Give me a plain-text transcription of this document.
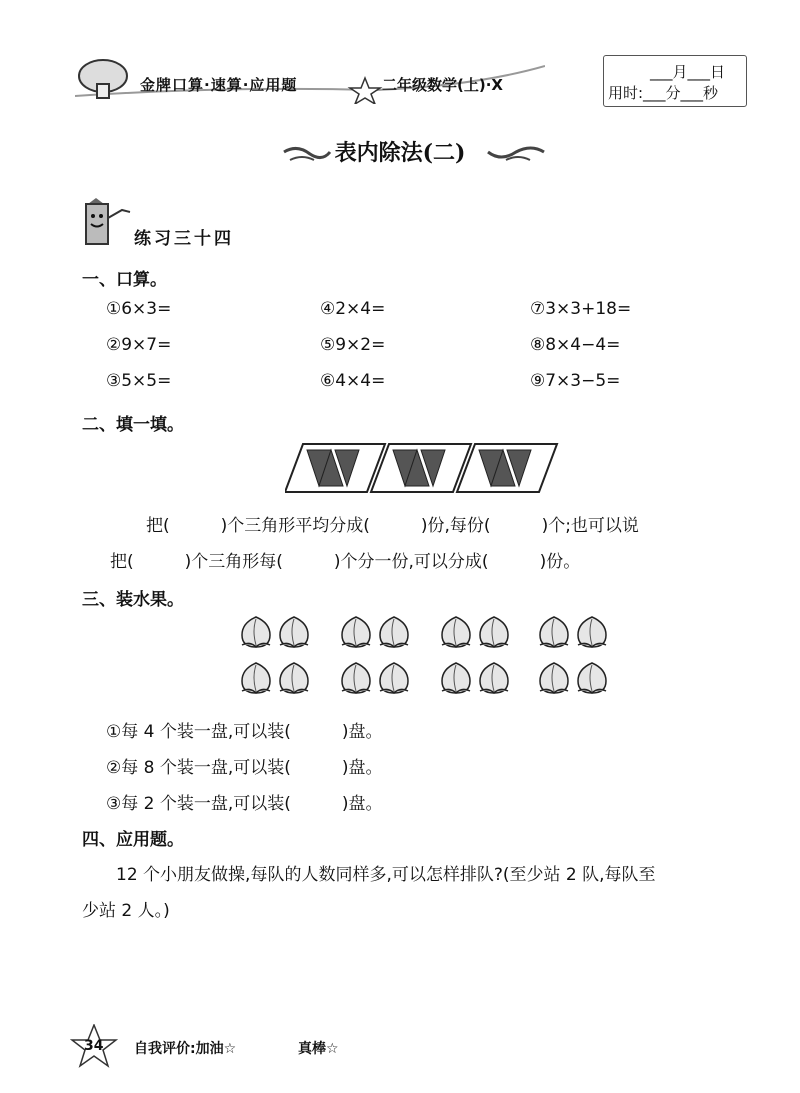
金牌口算·速算·应用题	二年级数学(上)·X
___月___日
用时:___分___秒
表内除法(二)
练习三十四
一、口算。
①6×3=	④2×4=	⑦3×3+18=
②9×7=	⑤9×2=	⑧8×4−4=
③5×5=	⑥4×4=	⑨7×3−5=
二、填一填。
把(　　　)个三角形平均分成(　　　)份,每份(　　　)个;也可以说
把(　　　)个三角形每(　　　)个分一份,可以分成(　　　)份。
三、装水果。
①每 4 个装一盘,可以装(　　　)盘。
②每 8 个装一盘,可以装(　　　)盘。
③每 2 个装一盘,可以装(　　　)盘。
四、应用题。
12 个小朋友做操,每队的人数同样多,可以怎样排队?(至少站 2 队,每队至
少站 2 人。)
34 自我评价:加油☆	真棒☆
